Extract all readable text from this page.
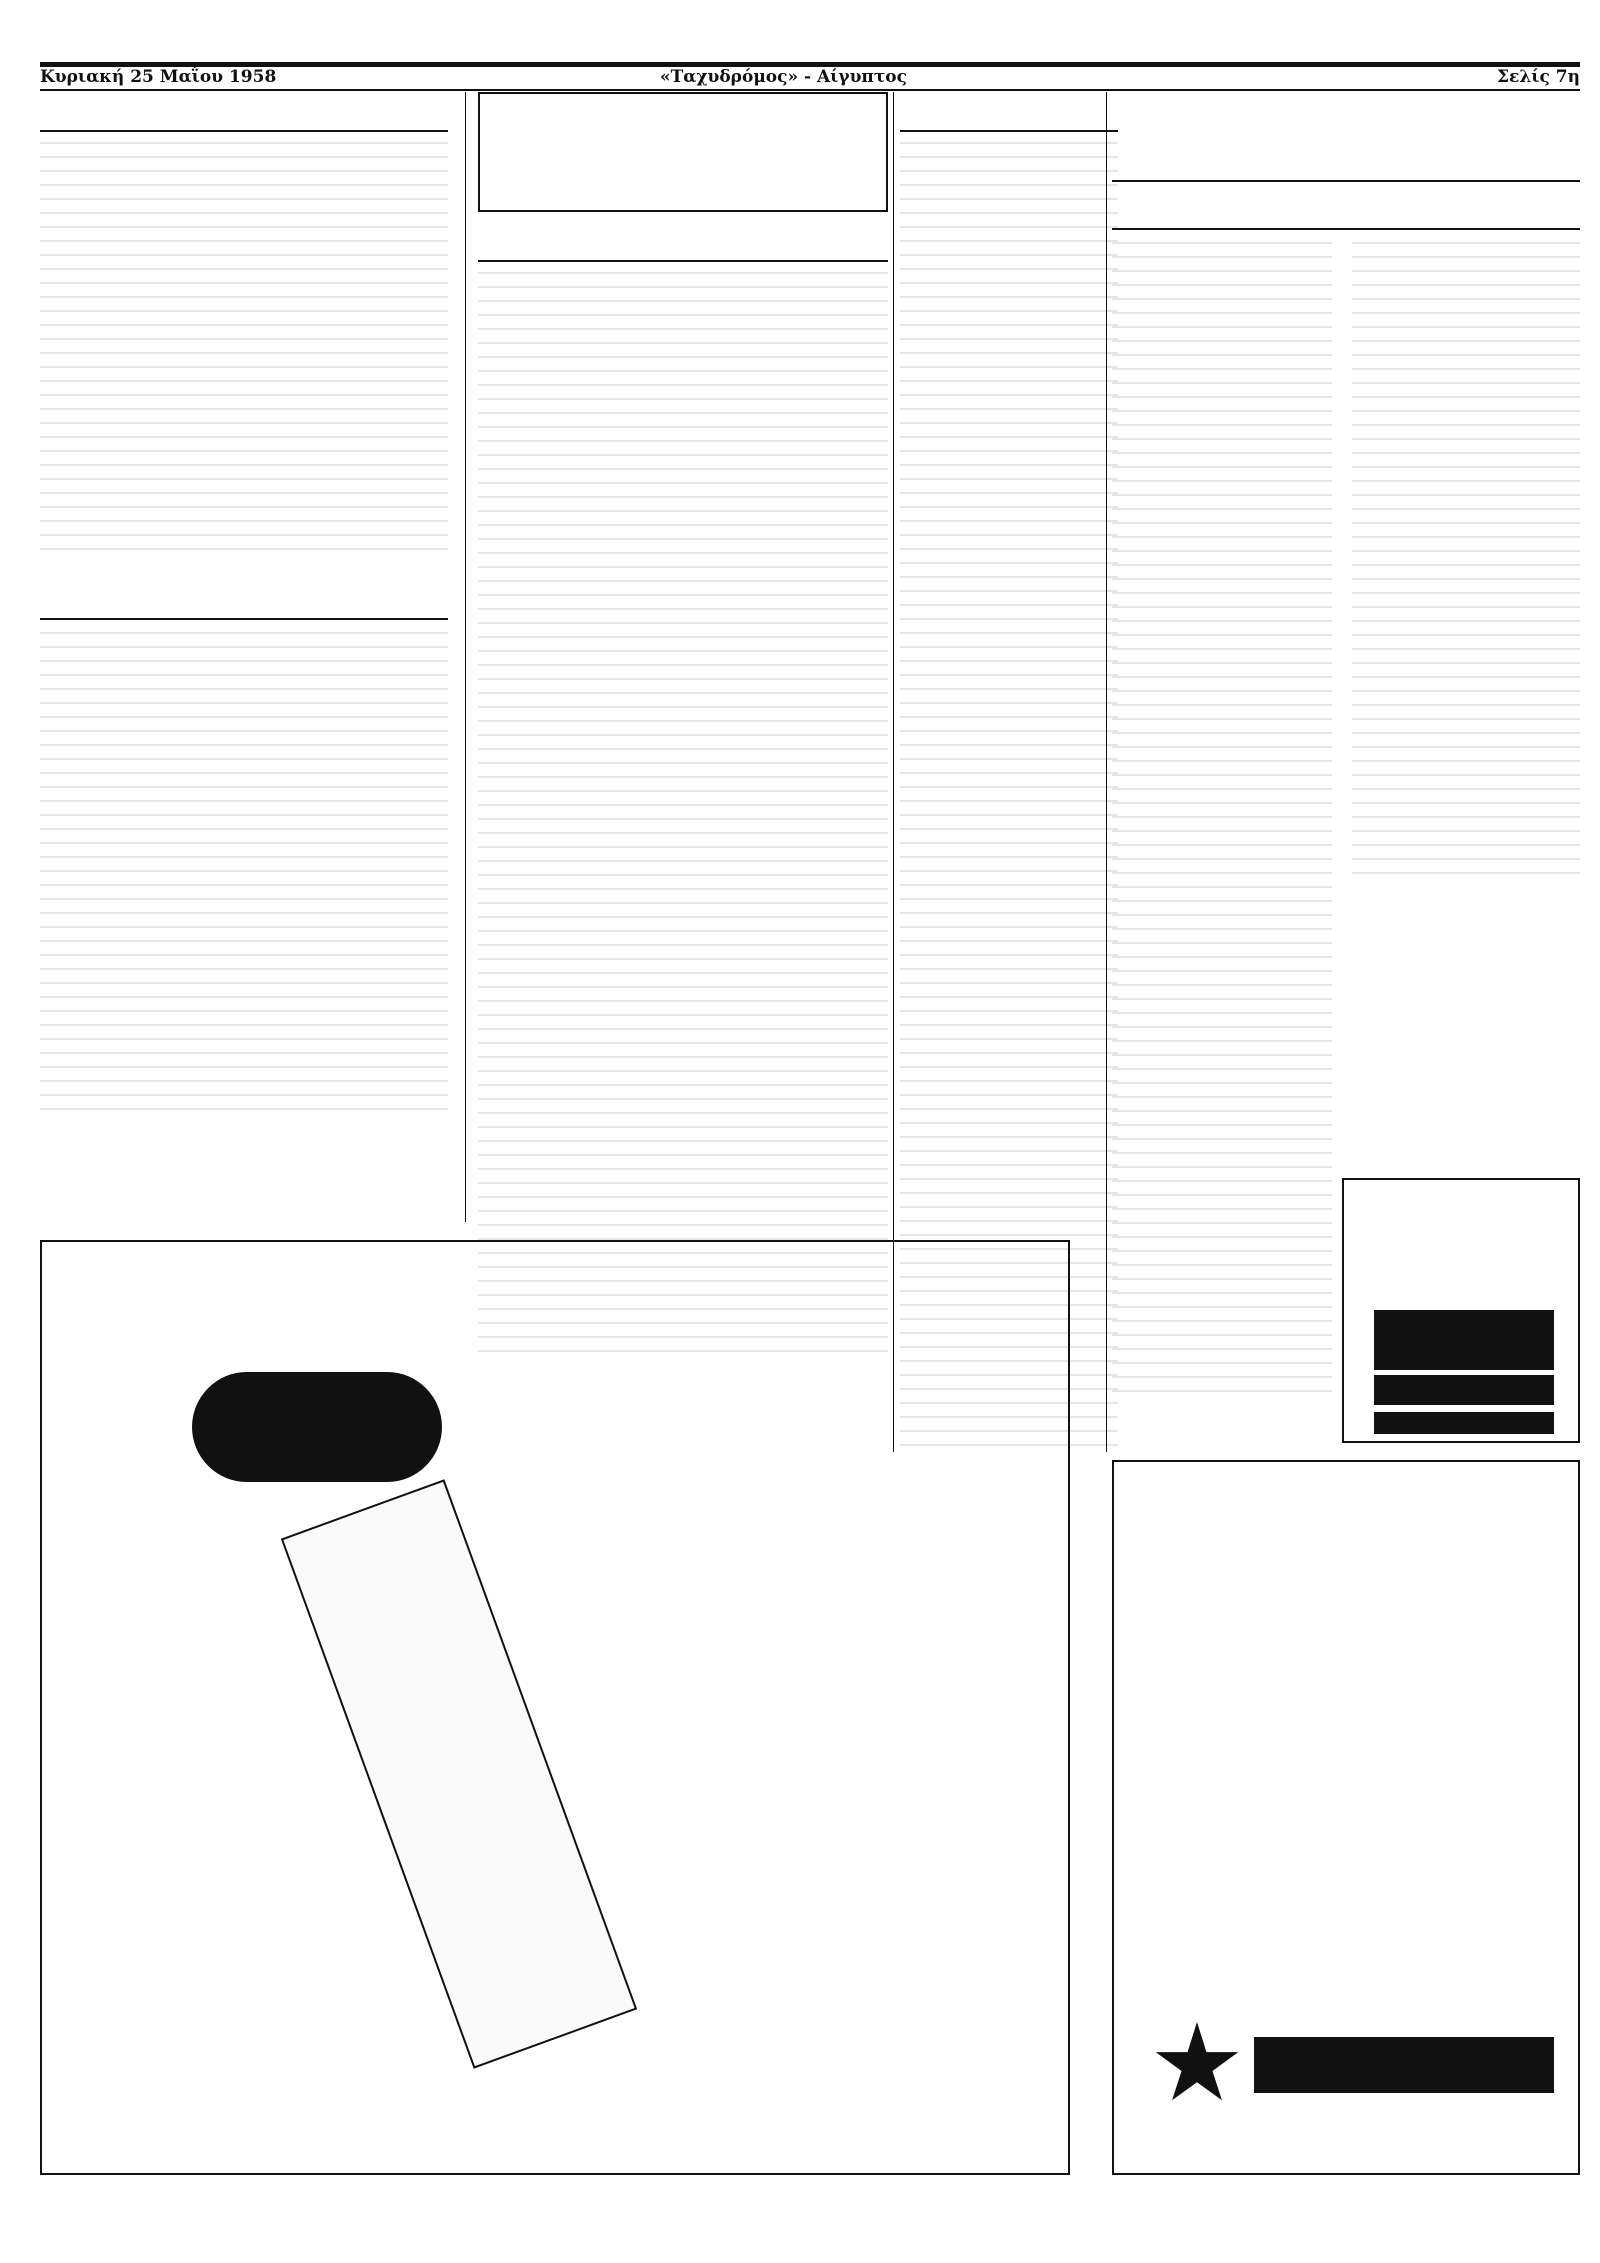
Κυριακή 25 Μαΐου 1958	«Ταχυδρόμος» - Αίγυπτος	Σελίς 7η
